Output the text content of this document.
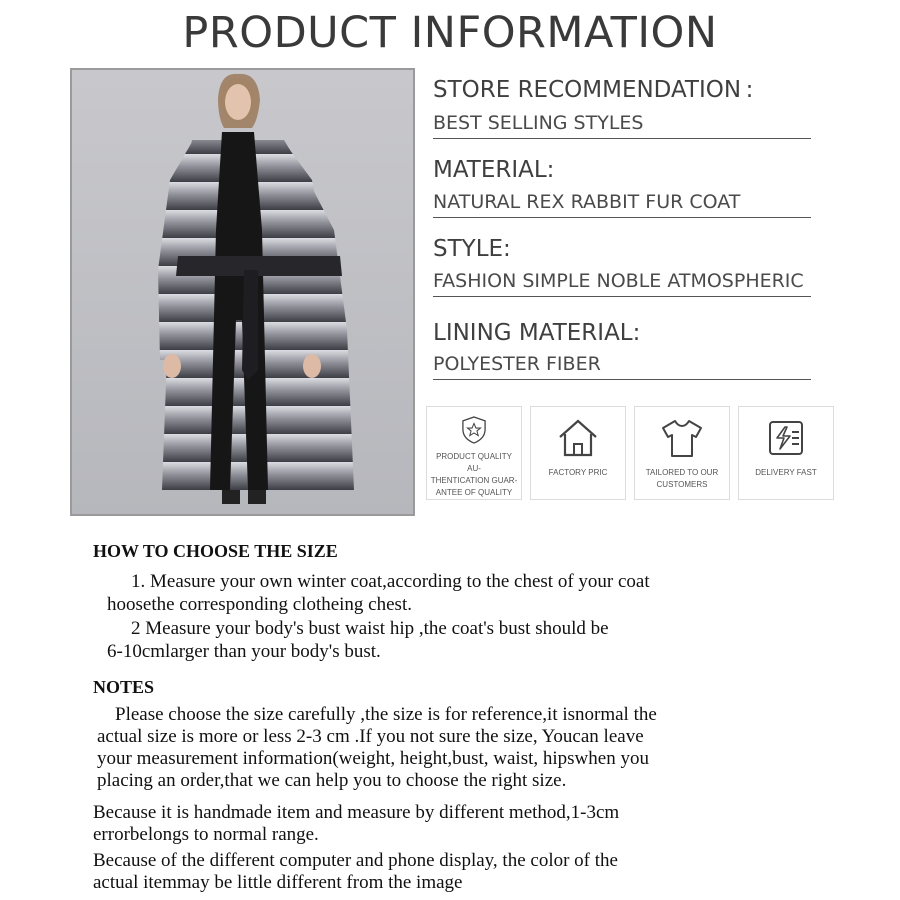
PRODUCT INFORMATION
STORE RECOMMENDATION :
BEST SELLING STYLES
MATERIAL:
NATURAL REX RABBIT FUR COAT
STYLE:
FASHION SIMPLE NOBLE ATMOSPHERIC
LINING MATERIAL:
POLYESTER FIBER
PRODUCT QUALITY AU-
THENTICATION GUAR-
ANTEE OF QUALITY
FACTORY PRIC	TAILORED TO OUR
CUSTOMERS
DELIVERY FAST
HOW TO CHOOSE THE SIZE

1. Measure your own winter coat,according to the chest of your coat

hoosethe corresponding clotheing chest.

2 Measure your body's bust waist hip ,the coat's bust should be

6-10cmlarger than your body's bust.

NOTES

Please choose the size carefully ,the size is for reference,it isnormal the

actual size is more or less 2-3 cm .If you not sure the size, Youcan leave

your measurement information(weight, height,bust, waist, hipswhen you

placing an order,that we can help you to choose the right size.

Because it is handmade item and measure by different method,1-3cm

errorbelongs to normal range.

Because of the different computer and phone display, the color of the

actual itemmay be little different from the image
